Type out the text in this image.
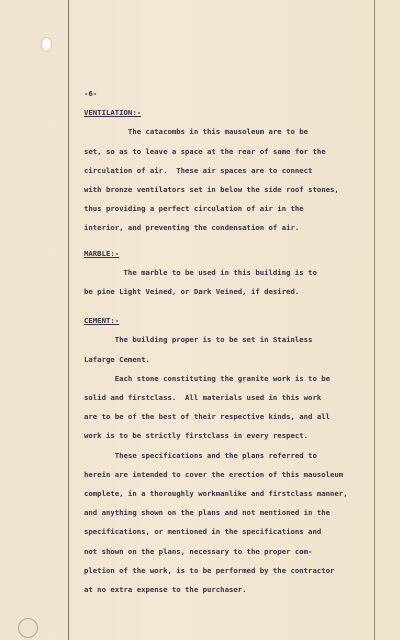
-6-
VENTILATION:-
The catacombs in this mausoleum are to be
set, so as to leave a space at the rear of same for the
circulation of air.  These air spaces are to connect
with bronze ventilators set in below the side roof stones,
thus providing a perfect circulation of air in the
interior, and preventing the condensation of air.
MARBLE:-
The marble to be used in this building is to
be pine Light Veined, or Dark Veined, if desired.
CEMENT:-
The building proper is to be set in Stainless
Lafarge Cement.
Each stone constituting the granite work is to be
solid and firstclass.  All materials used in this work
are to be of the best of their respective kinds, and all
work is to be strictly firstclass in every respect.
These specifications and the plans referred to
herein are intended to cover the erection of this mausoleum
complete, in a thoroughly workmanlike and firstclass manner,
and anything shown on the plans and not mentioned in the
specifications, or mentioned in the specifications and
not shown on the plans, necessary to the proper com-
pletion of the work, is to be performed by the contractor
at no extra expense to the purchaser.
